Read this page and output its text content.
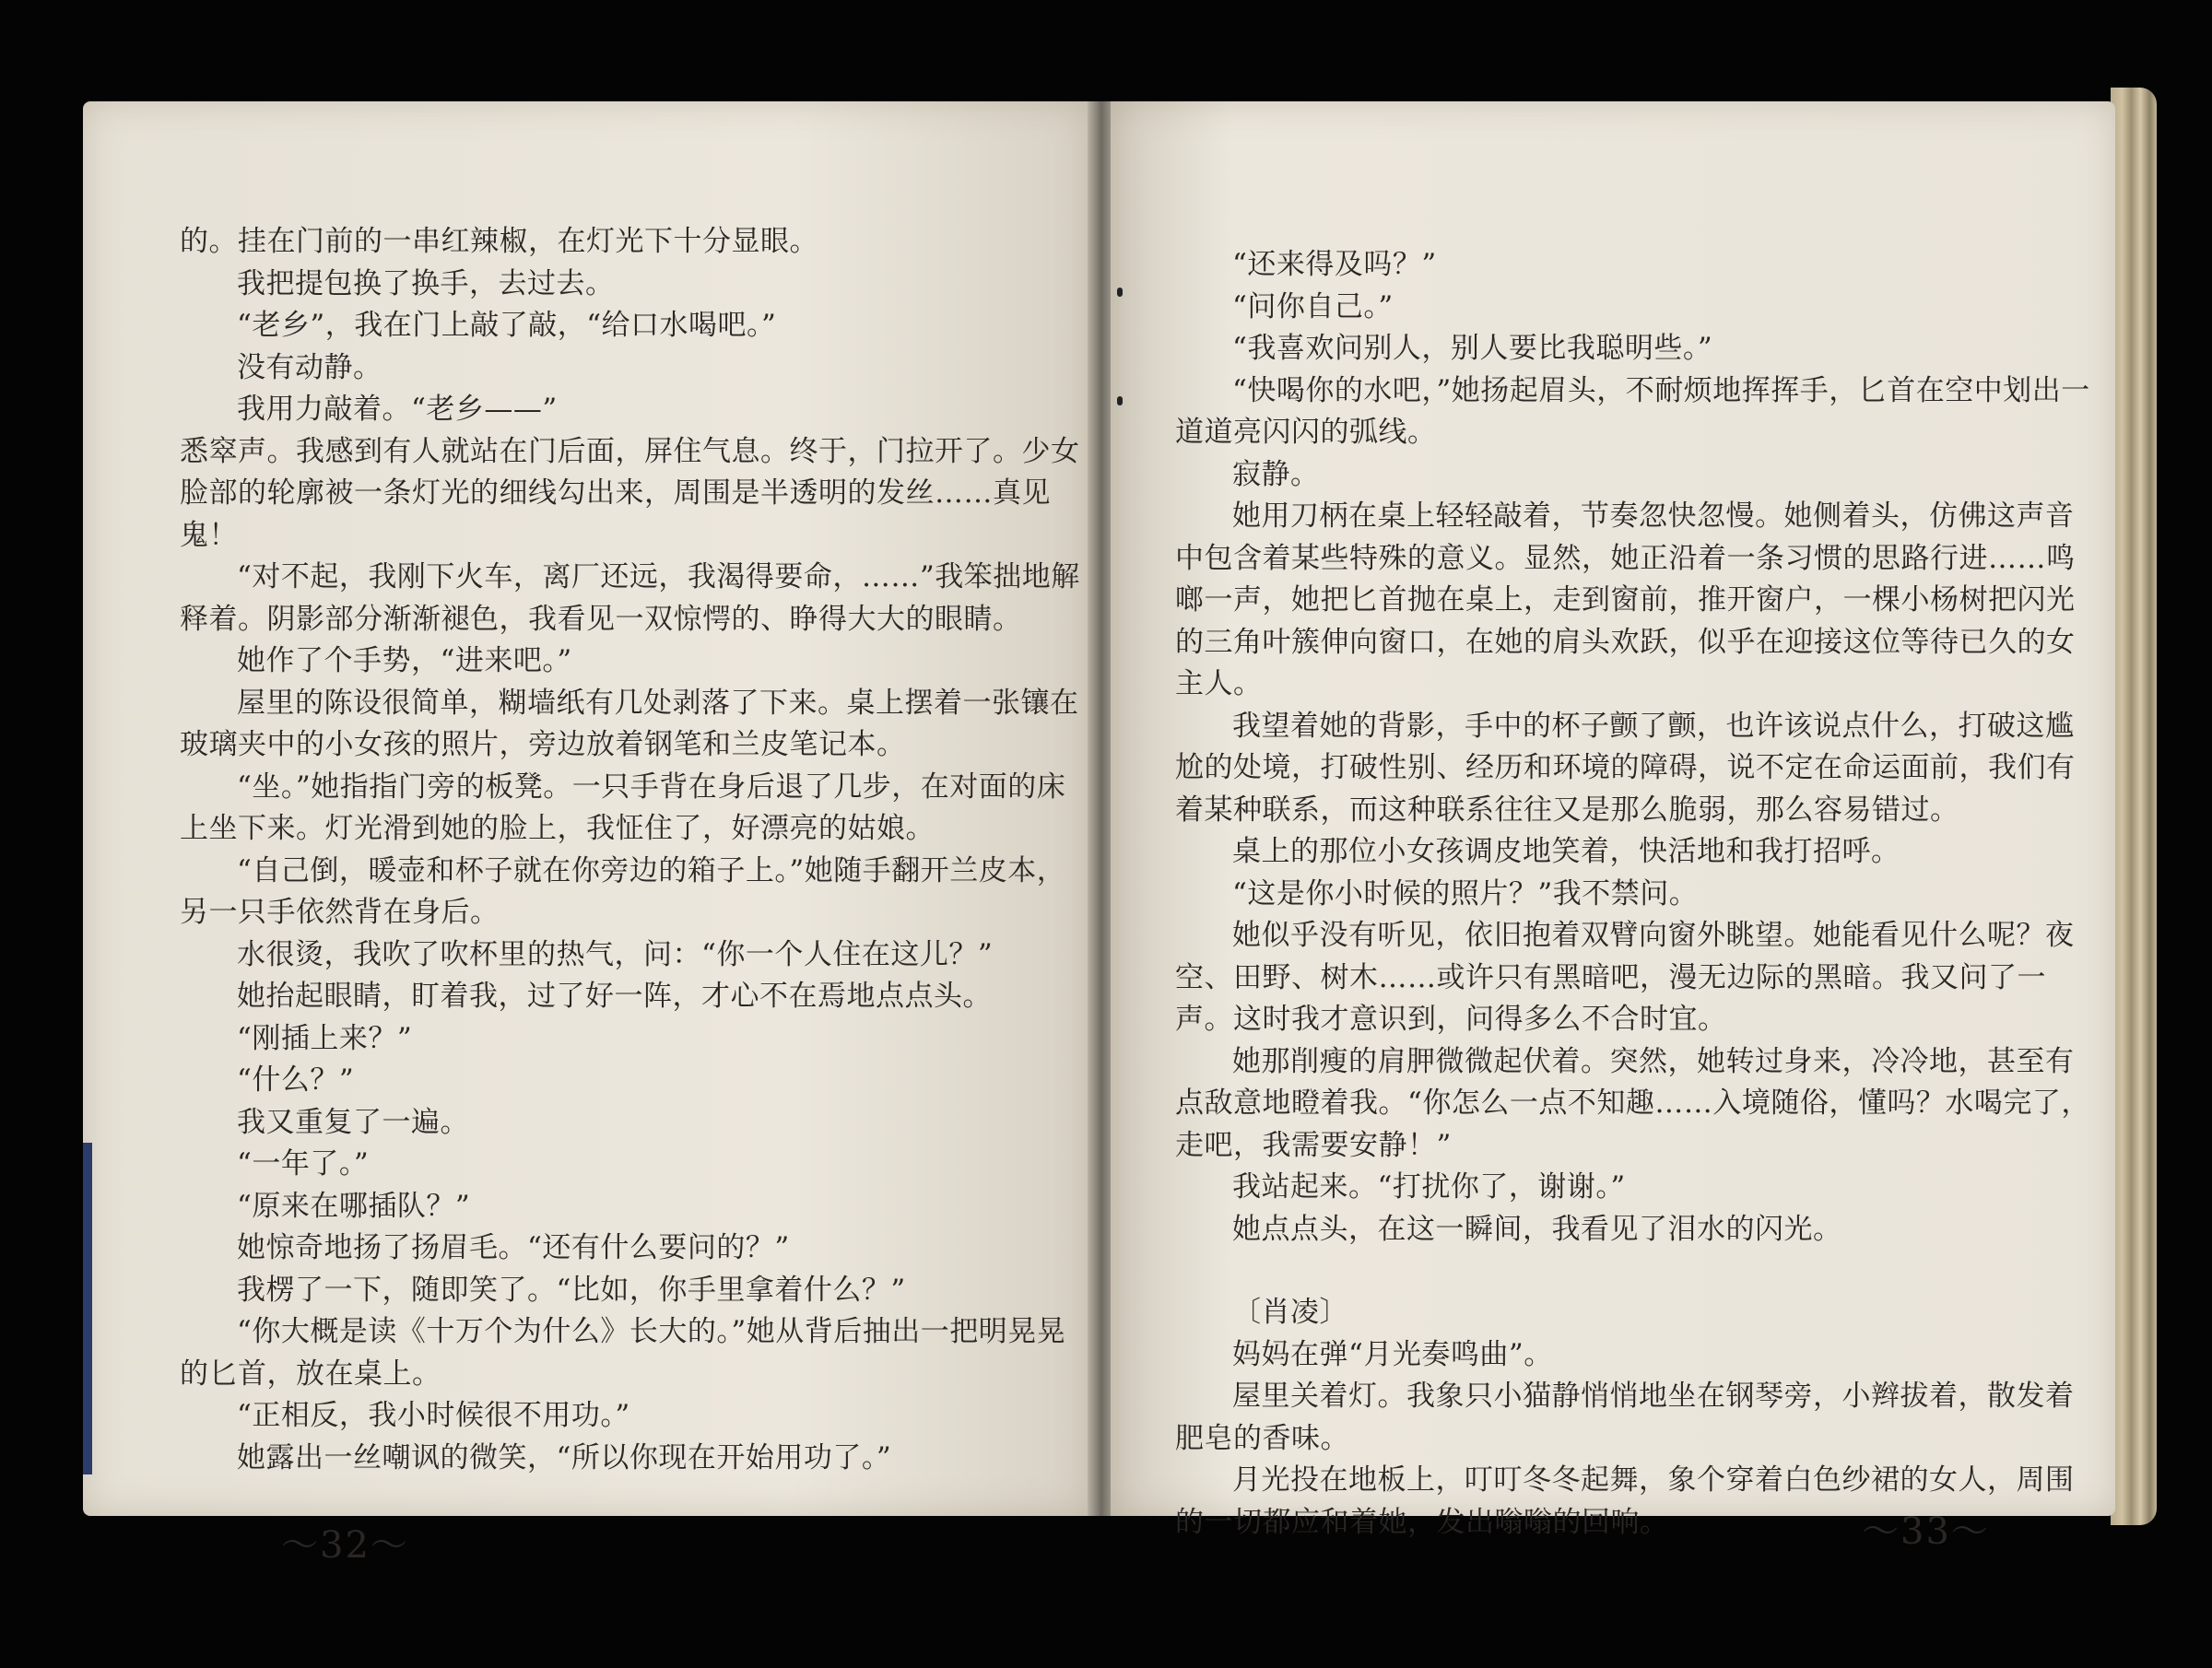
的。挂在门前的一串红辣椒，在灯光下十分显眼。

我把提包换了换手，去过去。

“老乡”，我在门上敲了敲，“给口水喝吧。”

没有动静。

我用力敲着。“老乡——”

悉窣声。我感到有人就站在门后面，屏住气息。终于，门拉开了。少女脸部的轮廓被一条灯光的细线勾出来，周围是半透明的发丝……真见鬼！

“对不起，我刚下火车，离厂还远，我渴得要命，……”我笨拙地解释着。阴影部分渐渐褪色，我看见一双惊愕的、睁得大大的眼睛。

她作了个手势，“进来吧。”

屋里的陈设很简单，糊墙纸有几处剥落了下来。桌上摆着一张镶在玻璃夹中的小女孩的照片，旁边放着钢笔和兰皮笔记本。

“坐。”她指指门旁的板凳。一只手背在身后退了几步，在对面的床上坐下来。灯光滑到她的脸上，我怔住了，好漂亮的姑娘。

“自己倒，暖壶和杯子就在你旁边的箱子上。”她随手翻开兰皮本，另一只手依然背在身后。

水很烫，我吹了吹杯里的热气，问：“你一个人住在这儿？”

她抬起眼睛，盯着我，过了好一阵，才心不在焉地点点头。

“刚插上来？”

“什么？”

我又重复了一遍。

“一年了。”

“原来在哪插队？”

她惊奇地扬了扬眉毛。“还有什么要问的？”

我楞了一下，随即笑了。“比如，你手里拿着什么？”

“你大概是读《十万个为什么》长大的。”她从背后抽出一把明晃晃的匕首，放在桌上。

“正相反，我小时候很不用功。”

她露出一丝嘲讽的微笑，“所以你现在开始用功了。”

～32～

“还来得及吗？”

“问你自己。”

“我喜欢问别人，别人要比我聪明些。”

“快喝你的水吧，”她扬起眉头，不耐烦地挥挥手，匕首在空中划出一道道亮闪闪的弧线。

寂静。

她用刀柄在桌上轻轻敲着，节奏忽快忽慢。她侧着头，仿佛这声音中包含着某些特殊的意义。显然，她正沿着一条习惯的思路行进……鸣啷一声，她把匕首抛在桌上，走到窗前，推开窗户，一棵小杨树把闪光的三角叶簇伸向窗口，在她的肩头欢跃，似乎在迎接这位等待已久的女主人。

我望着她的背影，手中的杯子颤了颤，也许该说点什么，打破这尴尬的处境，打破性别、经历和环境的障碍，说不定在命运面前，我们有着某种联系，而这种联系往往又是那么脆弱，那么容易错过。

桌上的那位小女孩调皮地笑着，快活地和我打招呼。

“这是你小时候的照片？”我不禁问。

她似乎没有听见，依旧抱着双臂向窗外眺望。她能看见什么呢？夜空、田野、树木……或许只有黑暗吧，漫无边际的黑暗。我又问了一声。这时我才意识到，问得多么不合时宜。

她那削瘦的肩胛微微起伏着。突然，她转过身来，冷冷地，甚至有点敌意地瞪着我。“你怎么一点不知趣……入境随俗，懂吗？水喝完了，走吧，我需要安静！”

我站起来。“打扰你了，谢谢。”

她点点头，在这一瞬间，我看见了泪水的闪光。

〔肖凌〕

妈妈在弹“月光奏鸣曲”。

屋里关着灯。我象只小猫静悄悄地坐在钢琴旁，小辫拔着，散发着肥皂的香味。

月光投在地板上，叮叮冬冬起舞，象个穿着白色纱裙的女人，周围的一切都应和着她，发出嗡嗡的回响。	～33～
